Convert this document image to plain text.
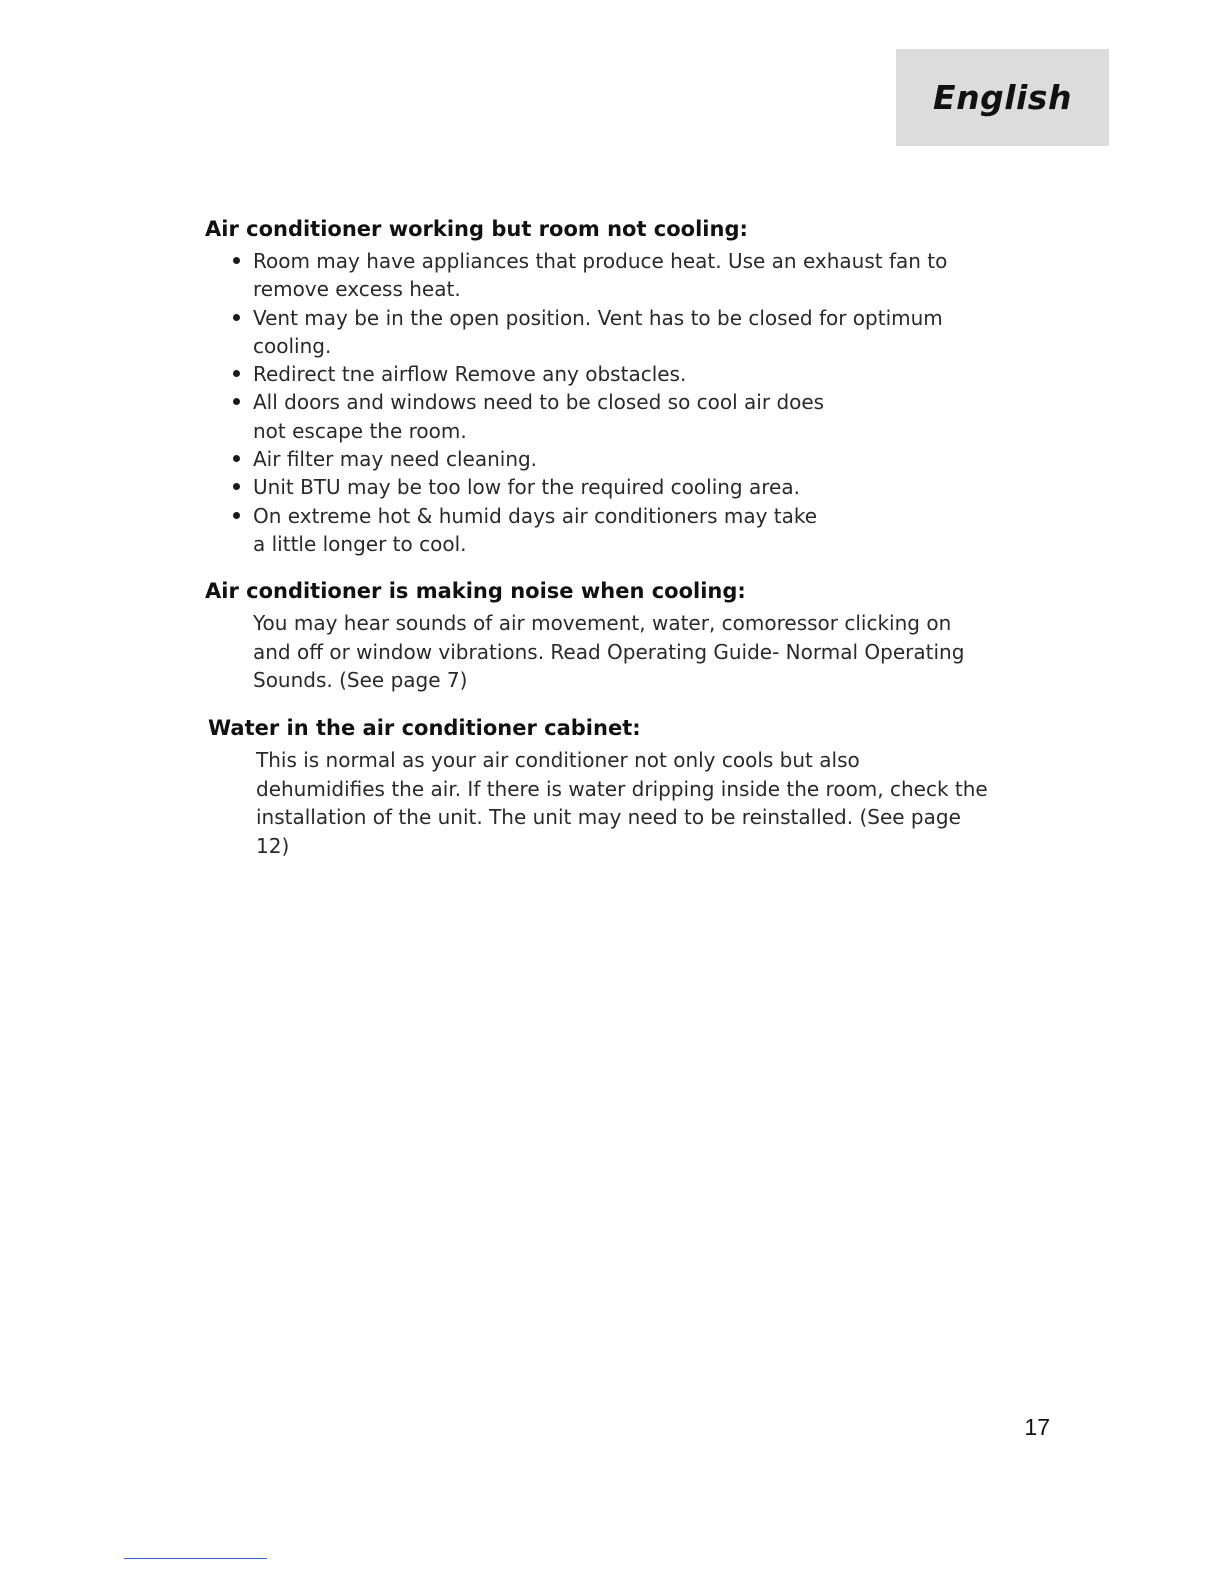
English
Air conditioner working but room not cooling:
Room may have appliances that produce heat. Use an exhaust fan to remove excess heat.
Vent may be in the open position. Vent has to be closed for optimum cooling.
Redirect tne airflow Remove any obstacles.
All doors and windows need to be closed so cool air does not escape the room.
Air filter may need cleaning.
Unit BTU may be too low for the required cooling area.
On extreme hot & humid days air conditioners may take a little longer to cool.
Air conditioner is making noise when cooling:

You may hear sounds of air movement, water, comoressor clicking on and off or window vibrations. Read Operating Guide- Normal Operating Sounds. (See page 7)

Water in the air conditioner cabinet:

This is normal as your air conditioner not only cools but also dehumidifies the air. If there is water dripping inside the room, check the installation of the unit. The unit may need to be reinstalled. (See page 12)

17
